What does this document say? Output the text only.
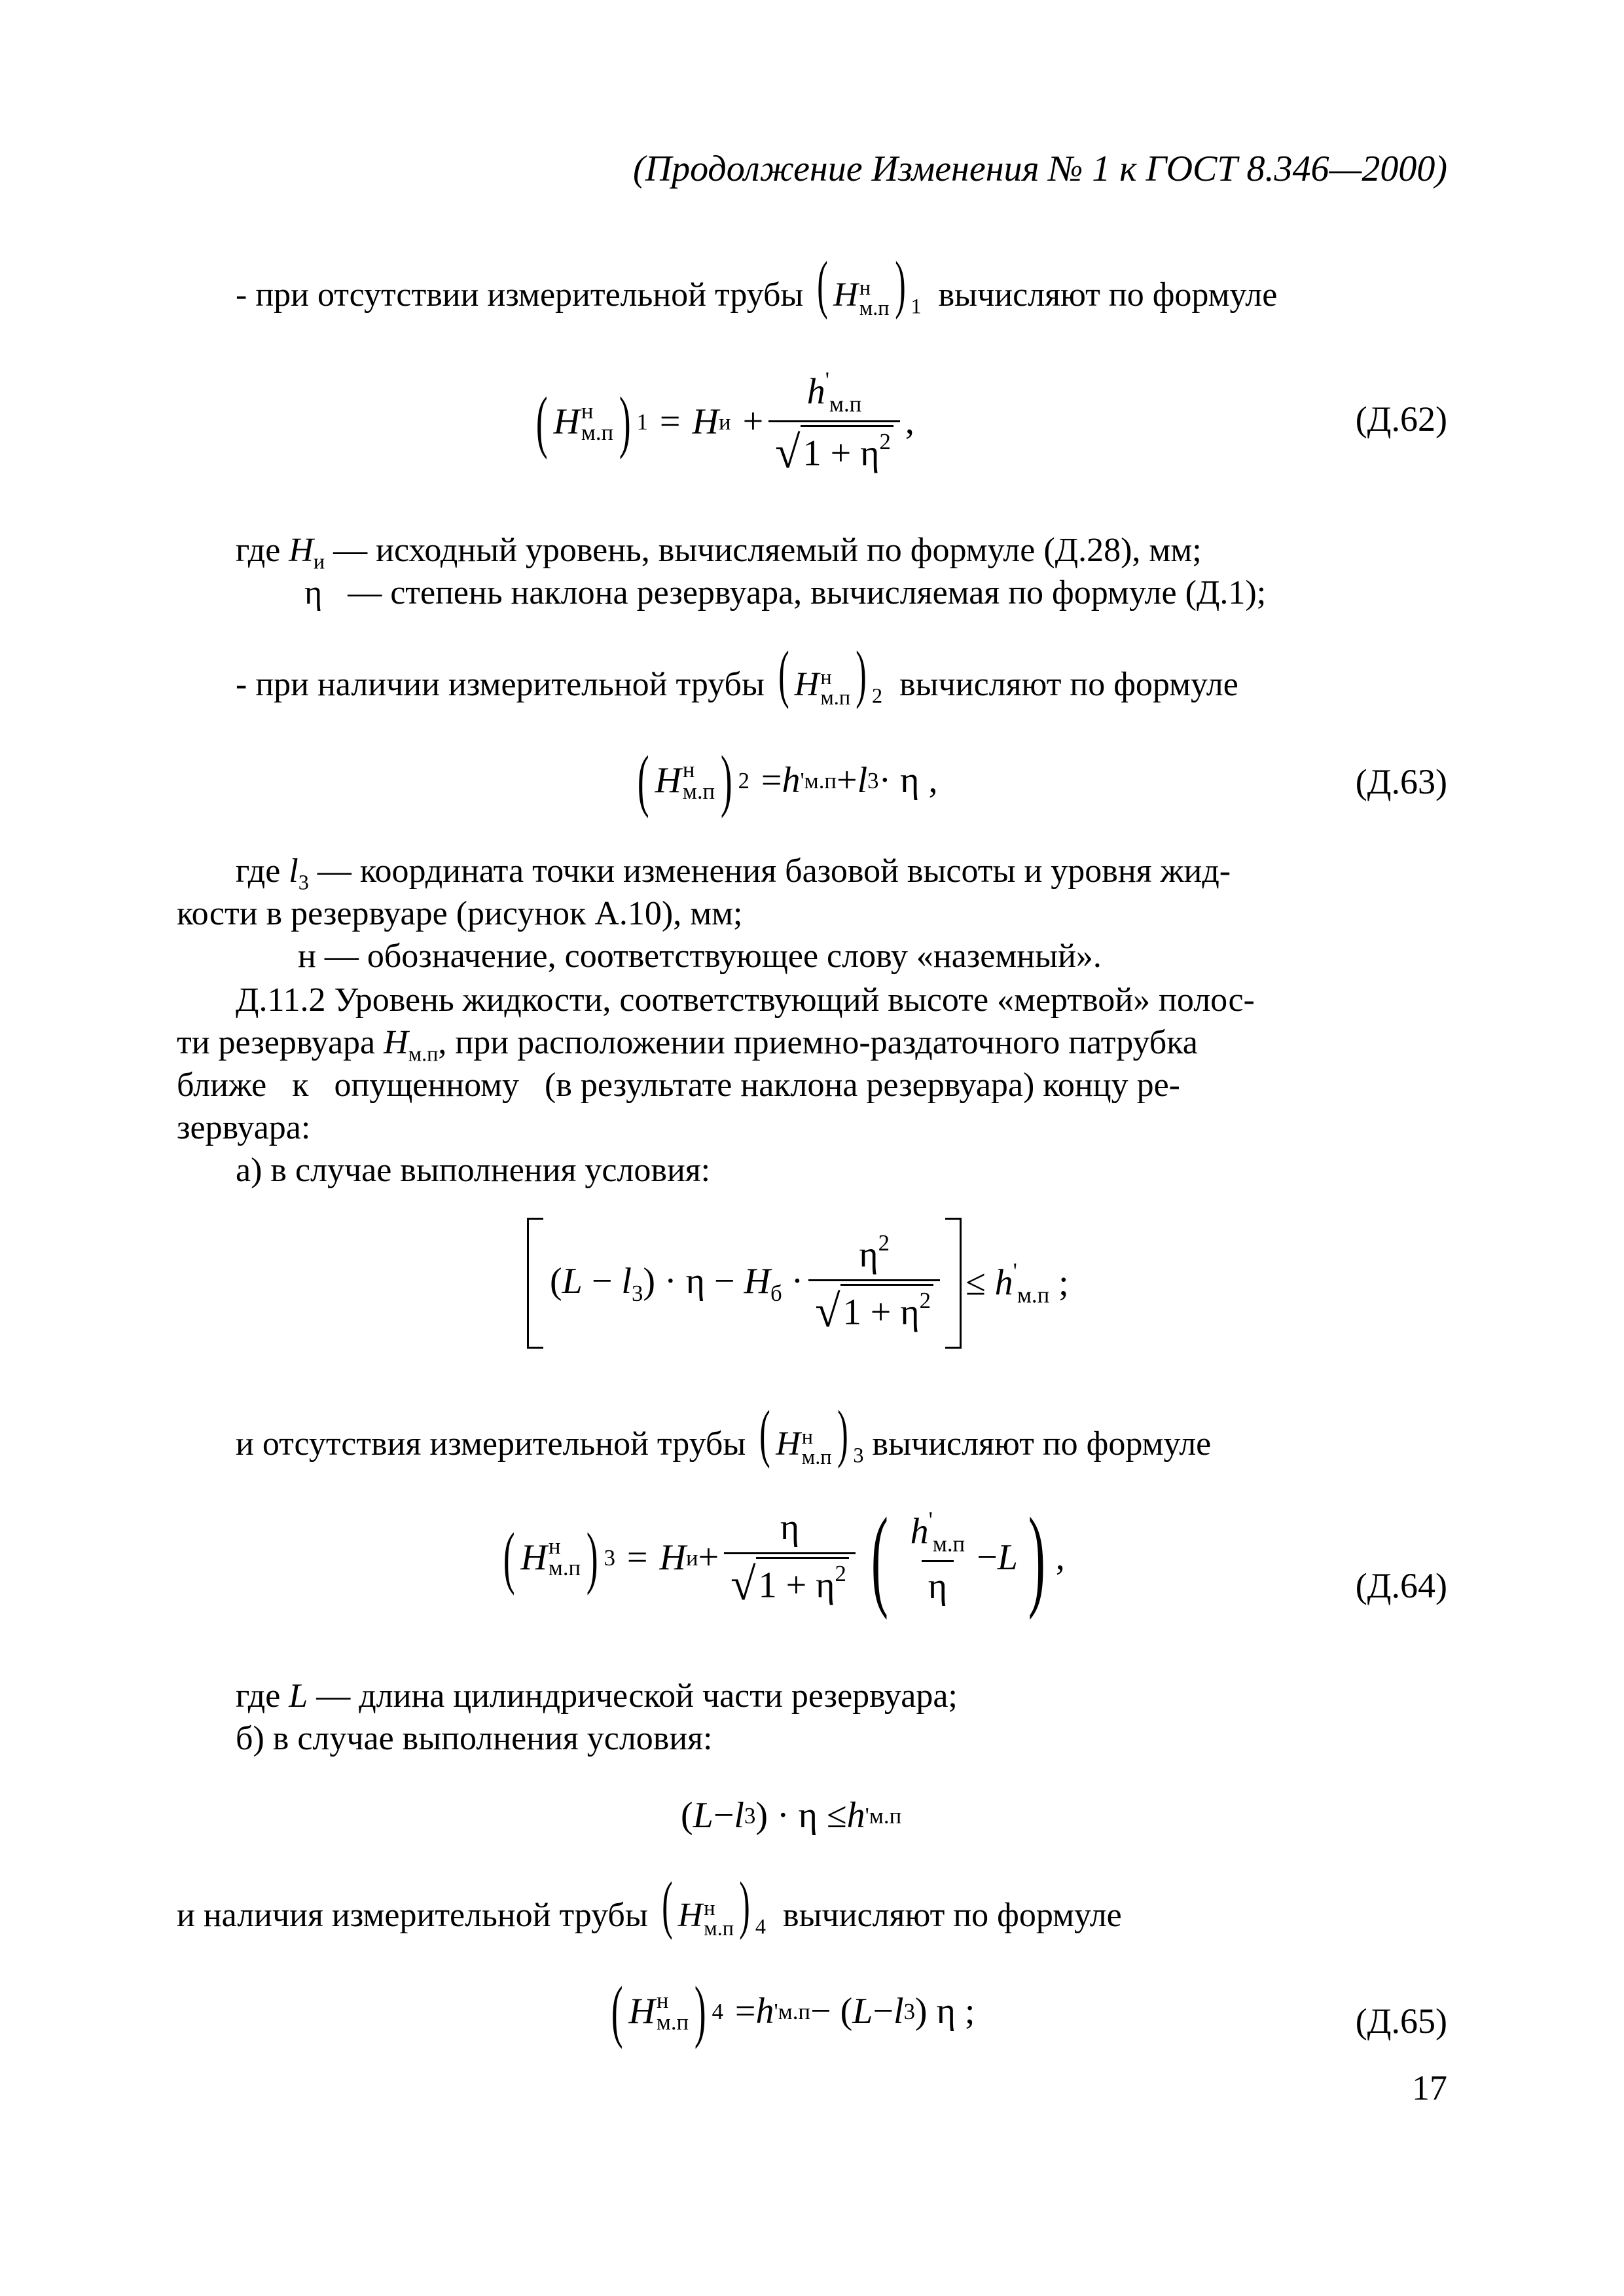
(Продолжение Изменения № 1 к ГОСТ 8.346—2000)
- при отсутствии измерительной трубы ( H н
м.п ) $_1$ вычисляют по формуле
( H н
м.п ) 1 = H $и + \frac{h'_{м.п}}{√ 1 + \eta^2}$ ,	(Д.62)
где $H_и$ — исходный уровень, вычисляемый по формуле (Д.28), мм;
η   — степень наклона резервуара, вычисляемая по формуле (Д.1);
- при наличии измерительной трубы ( H н
м.п ) $_2$ вычисляют по формуле
( H н
м.п ) 2 = h ' м.п + l 3 · η ,	(Д.63)
где $l_3$ — координата точки изменения базовой высоты и уровня жид-
кости в резервуаре (рисунок А.10), мм;
н — обозначение, соответствующее слову «наземный».
Д.11.2 Уровень жидкости, соответствующий высоте «мертвой» полос-
ти резервуара $H_{м.п}$, при расположении приемно-раздаточного патрубка
ближе   к   опущенному   (в результате наклона резервуара) концу ре-
зервуара:
а) в случае выполнения условия:
$(L - l_3) \cdot \eta - H_б \cdot \frac{\eta^2}{√ 1 + \eta^2} \le h'_{м.п}$ ;
и отсутствия измерительной трубы ( H н
м.п ) $_3$ вычисляют по формуле
( H н
м.п ) 3 = H $и + \frac{\eta}{√ 1 + \eta^2}$ ( $\frac{h'_{м.п}}{\eta} - L$ ) ,
(Д.64)
где L — длина цилиндрической части резервуара;
б) в случае выполнения условия:
( L − l 3 ) · η ≤ h ' м.п
и наличия измерительной трубы ( H н
м.п ) $_4$ вычисляют по формуле
( H н
м.п ) 4 = h ' м.п − ( L − l 3 ) η ;	(Д.65)
17
